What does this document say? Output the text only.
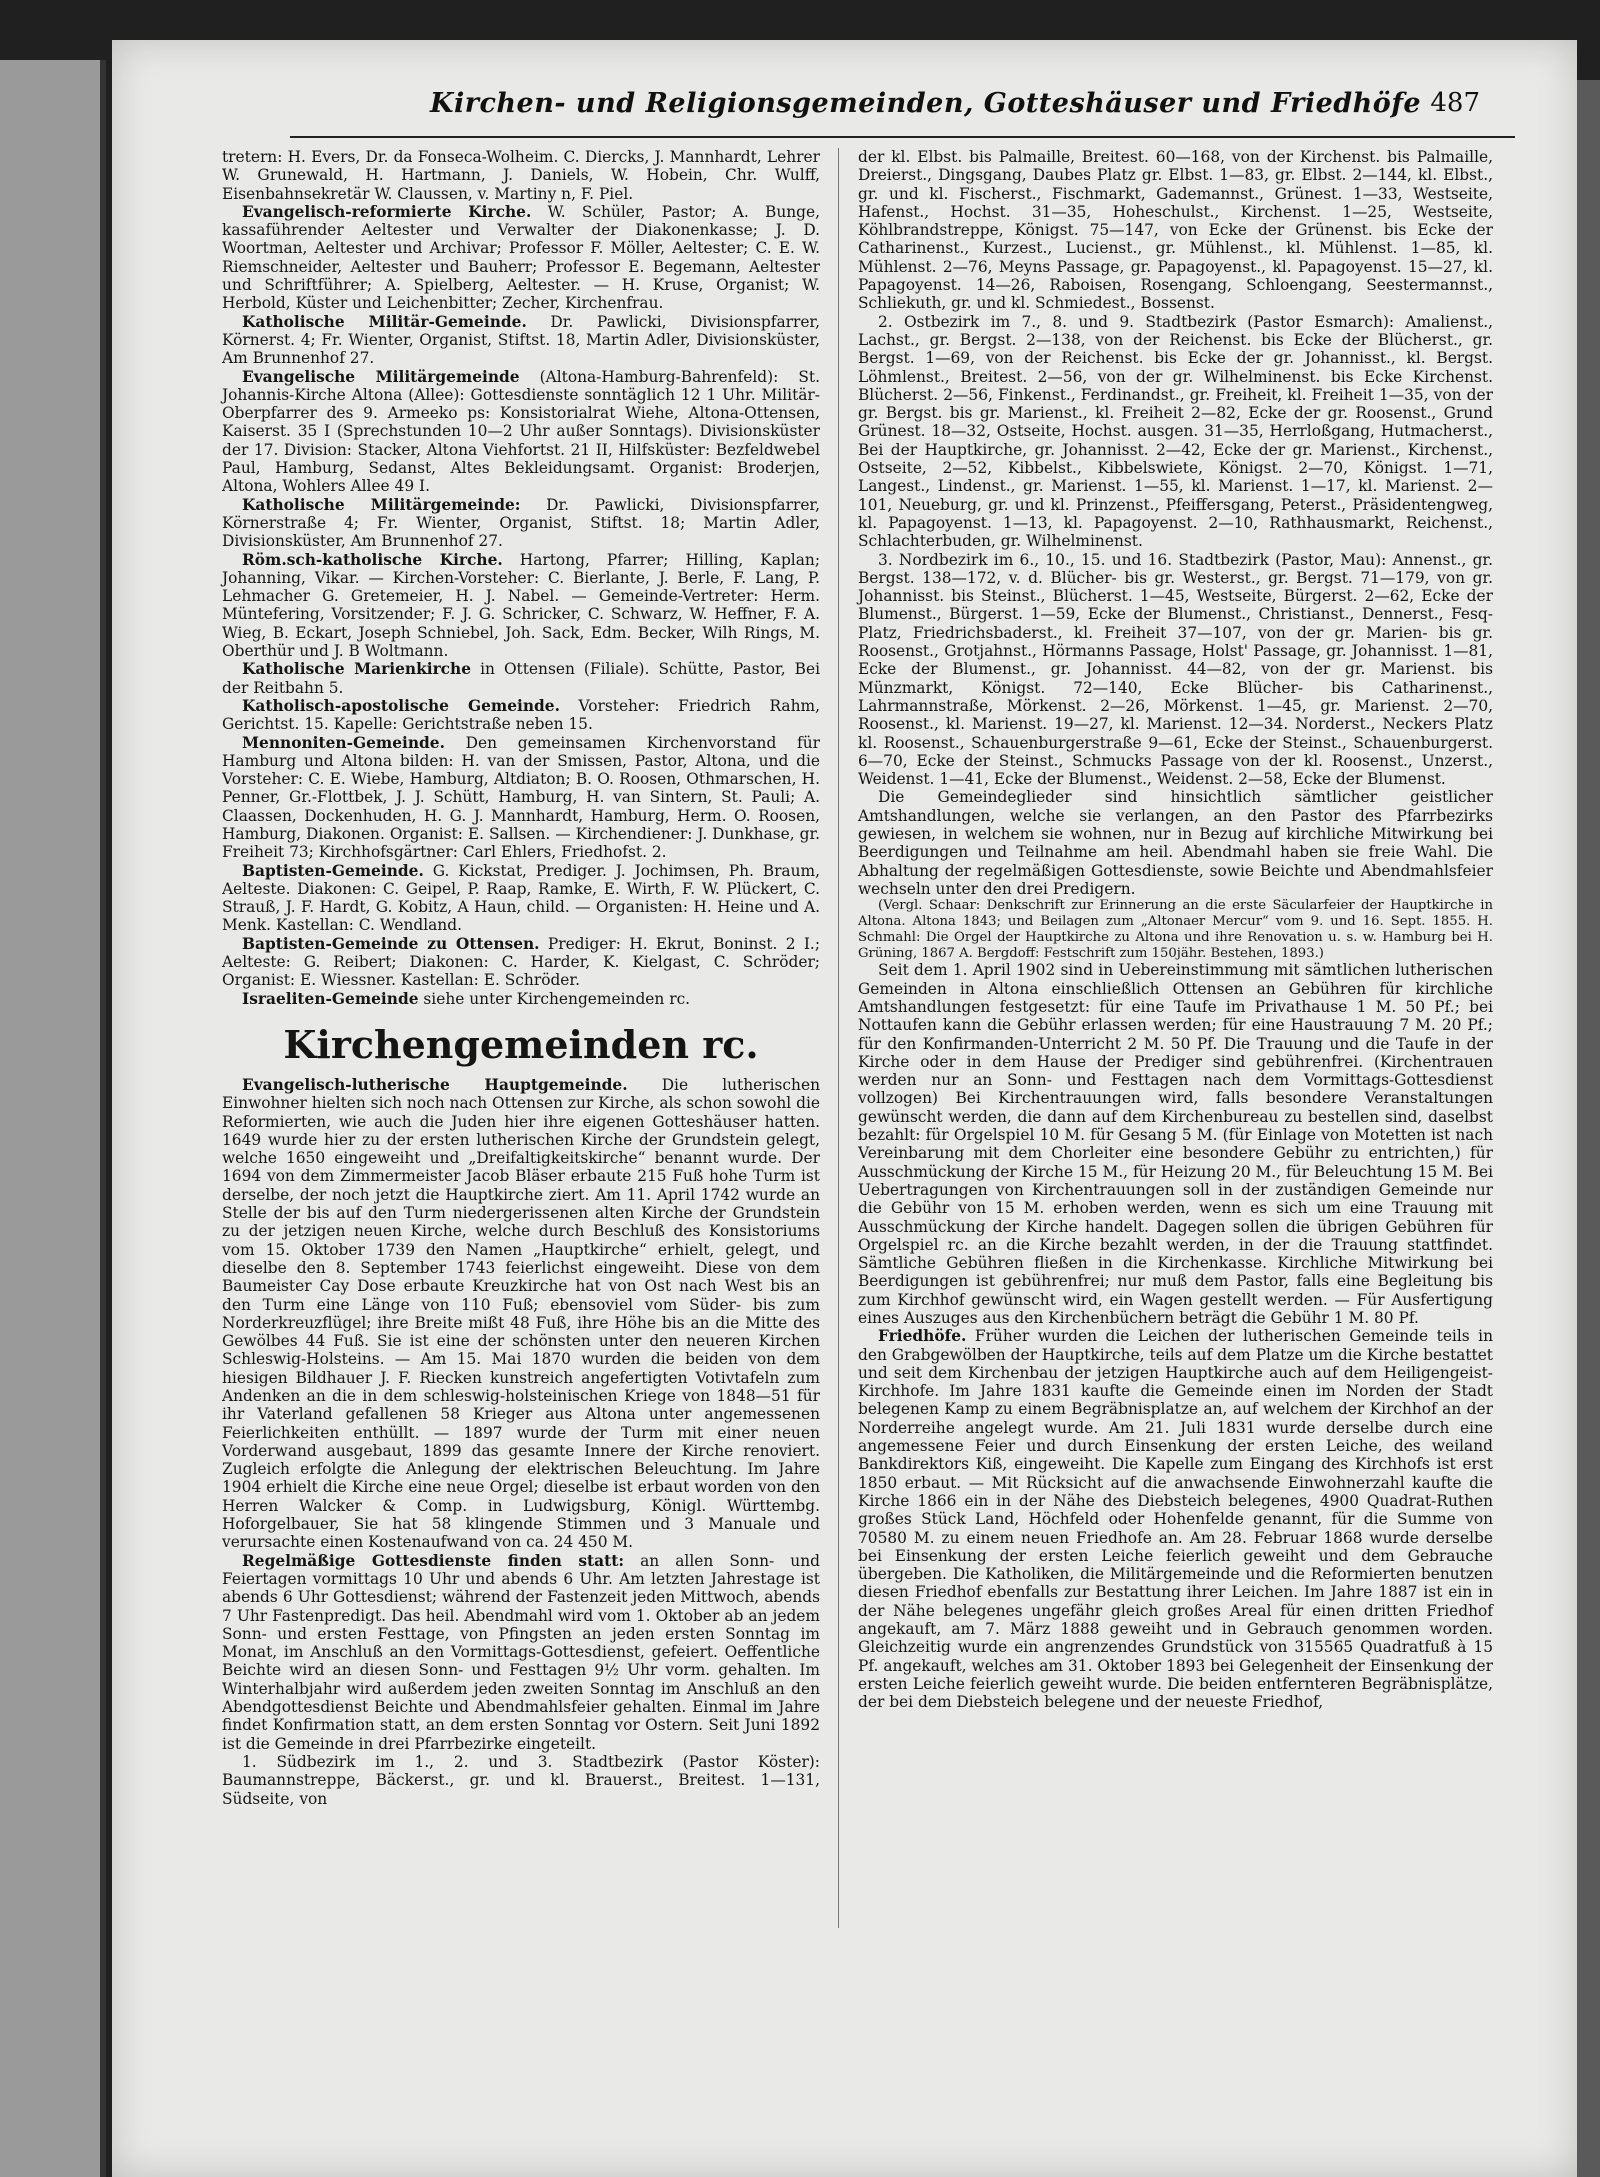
Kirchen- und Religionsgemeinden, Gotteshäuser und Friedhöfe 487
tretern: H. Evers, Dr. da Fonseca-Wolheim. C. Diercks, J. Mannhardt, Lehrer W. Grunewald, H. Hartmann, J. Daniels, W. Hobein, Chr. Wulff, Eisenbahnsekretär W. Claussen, v. Martiny n, F. Piel.
Evangelisch-reformierte Kirche. W. Schüler, Pastor; A. Bunge, kassaführender Aeltester und Verwalter der Diakonenkasse; J. D. Woortman, Aeltester und Archivar; Professor F. Möller, Aeltester; C. E. W. Riemschneider, Aeltester und Bauherr; Professor E. Begemann, Aeltester und Schriftführer; A. Spielberg, Aeltester. — H. Kruse, Organist; W. Herbold, Küster und Leichenbitter; Zecher, Kirchenfrau.
Katholische Militär-Gemeinde. Dr. Pawlicki, Divisionspfarrer, Körnerst. 4; Fr. Wienter, Organist, Stiftst. 18, Martin Adler, Divisionsküster, Am Brunnenhof 27.
Evangelische Militärgemeinde (Altona-Hamburg-Bahrenfeld): St. Johannis-Kirche Altona (Allee): Gottesdienste sonntäglich 12 1 Uhr. Militär-Oberpfarrer des 9. Armeeko ps: Konsistorialrat Wiehe, Altona-Ottensen, Kaiserst. 35 I (Sprechstunden 10—2 Uhr außer Sonntags). Divisionsküster der 17. Division: Stacker, Altona Viehfortst. 21 II, Hilfsküster: Bezfeldwebel Paul, Hamburg, Sedanst, Altes Bekleidungsamt. Organist: Broderjen, Altona, Wohlers Allee 49 I.
Katholische Militärgemeinde: Dr. Pawlicki, Divisionspfarrer, Körnerstraße 4; Fr. Wienter, Organist, Stiftst. 18; Martin Adler, Divisionsküster, Am Brunnenhof 27.
Röm.sch-katholische Kirche. Hartong, Pfarrer; Hilling, Kaplan; Johanning, Vikar. — Kirchen-Vorsteher: C. Bierlante, J. Berle, F. Lang, P. Lehmacher G. Gretemeier, H. J. Nabel. — Gemeinde-Vertreter: Herm. Müntefering, Vorsitzender; F. J. G. Schricker, C. Schwarz, W. Heffner, F. A. Wieg, B. Eckart, Joseph Schniebel, Joh. Sack, Edm. Becker, Wilh Rings, M. Oberthür und J. B Woltmann.
Katholische Marienkirche in Ottensen (Filiale). Schütte, Pastor, Bei der Reitbahn 5.
Katholisch-apostolische Gemeinde. Vorsteher: Friedrich Rahm, Gerichtst. 15. Kapelle: Gerichtstraße neben 15.
Mennoniten-Gemeinde. Den gemeinsamen Kirchenvorstand für Hamburg und Altona bilden: H. van der Smissen, Pastor, Altona, und die Vorsteher: C. E. Wiebe, Hamburg, Altdiaton; B. O. Roosen, Othmarschen, H. Penner, Gr.-Flottbek, J. J. Schütt, Hamburg, H. van Sintern, St. Pauli; A. Claassen, Dockenhuden, H. G. J. Mannhardt, Hamburg, Herm. O. Roosen, Hamburg, Diakonen. Organist: E. Sallsen. — Kirchendiener: J. Dunkhase, gr. Freiheit 73; Kirchhofsgärtner: Carl Ehlers, Friedhofst. 2.
Baptisten-Gemeinde. G. Kickstat, Prediger. J. Jochimsen, Ph. Braum, Aelteste. Diakonen: C. Geipel, P. Raap, Ramke, E. Wirth, F. W. Plückert, C. Strauß, J. F. Hardt, G. Kobitz, A Haun, child. — Organisten: H. Heine und A. Menk. Kastellan: C. Wendland.
Baptisten-Gemeinde zu Ottensen. Prediger: H. Ekrut, Boninst. 2 I.; Aelteste: G. Reibert; Diakonen: C. Harder, K. Kielgast, C. Schröder; Organist: E. Wiessner. Kastellan: E. Schröder.
Israeliten-Gemeinde siehe unter Kirchengemeinden rc.
Kirchengemeinden rc.
Evangelisch-lutherische Hauptgemeinde. Die lutherischen Einwohner hielten sich noch nach Ottensen zur Kirche, als schon sowohl die Reformierten, wie auch die Juden hier ihre eigenen Gotteshäuser hatten. 1649 wurde hier zu der ersten lutherischen Kirche der Grundstein gelegt, welche 1650 eingeweiht und „Dreifaltigkeitskirche“ benannt wurde. Der 1694 von dem Zimmermeister Jacob Bläser erbaute 215 Fuß hohe Turm ist derselbe, der noch jetzt die Hauptkirche ziert. Am 11. April 1742 wurde an Stelle der bis auf den Turm niedergerissenen alten Kirche der Grundstein zu der jetzigen neuen Kirche, welche durch Beschluß des Konsistoriums vom 15. Oktober 1739 den Namen „Hauptkirche“ erhielt, gelegt, und dieselbe den 8. September 1743 feierlichst eingeweiht. Diese von dem Baumeister Cay Dose erbaute Kreuzkirche hat von Ost nach West bis an den Turm eine Länge von 110 Fuß; ebensoviel vom Süder- bis zum Norderkreuzflügel; ihre Breite mißt 48 Fuß, ihre Höhe bis an die Mitte des Gewölbes 44 Fuß. Sie ist eine der schönsten unter den neueren Kirchen Schleswig-Holsteins. — Am 15. Mai 1870 wurden die beiden von dem hiesigen Bildhauer J. F. Riecken kunstreich angefertigten Votivtafeln zum Andenken an die in dem schleswig-holsteinischen Kriege von 1848—51 für ihr Vaterland gefallenen 58 Krieger aus Altona unter angemessenen Feierlichkeiten enthüllt. — 1897 wurde der Turm mit einer neuen Vorderwand ausgebaut, 1899 das gesamte Innere der Kirche renoviert. Zugleich erfolgte die Anlegung der elektrischen Beleuchtung. Im Jahre 1904 erhielt die Kirche eine neue Orgel; dieselbe ist erbaut worden von den Herren Walcker & Comp. in Ludwigsburg, Königl. Württembg. Hoforgelbauer, Sie hat 58 klingende Stimmen und 3 Manuale und verursachte einen Kostenaufwand von ca. 24 450 M.
Regelmäßige Gottesdienste finden statt: an allen Sonn- und Feiertagen vormittags 10 Uhr und abends 6 Uhr. Am letzten Jahrestage ist abends 6 Uhr Gottesdienst; während der Fastenzeit jeden Mittwoch, abends 7 Uhr Fastenpredigt. Das heil. Abendmahl wird vom 1. Oktober ab an jedem Sonn- und ersten Festtage, von Pfingsten an jeden ersten Sonntag im Monat, im Anschluß an den Vormittags-Gottesdienst, gefeiert. Oeffentliche Beichte wird an diesen Sonn- und Festtagen 9½ Uhr vorm. gehalten. Im Winterhalbjahr wird außerdem jeden zweiten Sonntag im Anschluß an den Abendgottesdienst Beichte und Abendmahlsfeier gehalten. Einmal im Jahre findet Konfirmation statt, an dem ersten Sonntag vor Ostern. Seit Juni 1892 ist die Gemeinde in drei Pfarrbezirke eingeteilt.
1. Südbezirk im 1., 2. und 3. Stadtbezirk (Pastor Köster): Baumannstreppe, Bäckerst., gr. und kl. Brauerst., Breitest. 1—131, Südseite, von
der kl. Elbst. bis Palmaille, Breitest. 60—168, von der Kirchenst. bis Palmaille, Dreierst., Dingsgang, Daubes Platz gr. Elbst. 1—83, gr. Elbst. 2—144, kl. Elbst., gr. und kl. Fischerst., Fischmarkt, Gademannst., Grünest. 1—33, Westseite, Hafenst., Hochst. 31—35, Hoheschulst., Kirchenst. 1—25, Westseite, Köhlbrandstreppe, Königst. 75—147, von Ecke der Grünenst. bis Ecke der Catharinenst., Kurzest., Lucienst., gr. Mühlenst., kl. Mühlenst. 1—85, kl. Mühlenst. 2—76, Meyns Passage, gr. Papagoyenst., kl. Papagoyenst. 15—27, kl. Papagoyenst. 14—26, Raboisen, Rosengang, Schloengang, Seestermannst., Schliekuth, gr. und kl. Schmiedest., Bossenst.
2. Ostbezirk im 7., 8. und 9. Stadtbezirk (Pastor Esmarch): Amalienst., Lachst., gr. Bergst. 2—138, von der Reichenst. bis Ecke der Blücherst., gr. Bergst. 1—69, von der Reichenst. bis Ecke der gr. Johannisst., kl. Bergst. Löhmlenst., Breitest. 2—56, von der gr. Wilhelminenst. bis Ecke Kirchenst. Blücherst. 2—56, Finkenst., Ferdinandst., gr. Freiheit, kl. Freiheit 1—35, von der gr. Bergst. bis gr. Marienst., kl. Freiheit 2—82, Ecke der gr. Roosenst., Grund Grünest. 18—32, Ostseite, Hochst. ausgen. 31—35, Herrloßgang, Hutmacherst., Bei der Hauptkirche, gr. Johannisst. 2—42, Ecke der gr. Marienst., Kirchenst., Ostseite, 2—52, Kibbelst., Kibbelswiete, Königst. 2—70, Königst. 1—71, Langest., Lindenst., gr. Marienst. 1—55, kl. Marienst. 1—17, kl. Marienst. 2—101, Neueburg, gr. und kl. Prinzenst., Pfeiffersgang, Peterst., Präsidentengweg, kl. Papagoyenst. 1—13, kl. Papagoyenst. 2—10, Rathhausmarkt, Reichenst., Schlachterbuden, gr. Wilhelminenst.
3. Nordbezirk im 6., 10., 15. und 16. Stadtbezirk (Pastor, Mau): Annenst., gr. Bergst. 138—172, v. d. Blücher- bis gr. Westerst., gr. Bergst. 71—179, von gr. Johannisst. bis Steinst., Blücherst. 1—45, Westseite, Bürgerst. 2—62, Ecke der Blumenst., Bürgerst. 1—59, Ecke der Blumenst., Christianst., Dennerst., Fesq-Platz, Friedrichsbaderst., kl. Freiheit 37—107, von der gr. Marien- bis gr. Roosenst., Grotjahnst., Hörmanns Passage, Holst' Passage, gr. Johannisst. 1—81, Ecke der Blumenst., gr. Johannisst. 44—82, von der gr. Marienst. bis Münzmarkt, Königst. 72—140, Ecke Blücher- bis Catharinenst., Lahrmannstraße, Mörkenst. 2—26, Mörkenst. 1—45, gr. Marienst. 2—70, Roosenst., kl. Marienst. 19—27, kl. Marienst. 12—34. Norderst., Neckers Platz kl. Roosenst., Schauenburgerstraße 9—61, Ecke der Steinst., Schauenburgerst. 6—70, Ecke der Steinst., Schmucks Passage von der kl. Roosenst., Unzerst., Weidenst. 1—41, Ecke der Blumenst., Weidenst. 2—58, Ecke der Blumenst.
Die Gemeindeglieder sind hinsichtlich sämtlicher geistlicher Amtshandlungen, welche sie verlangen, an den Pastor des Pfarrbezirks gewiesen, in welchem sie wohnen, nur in Bezug auf kirchliche Mitwirkung bei Beerdigungen und Teilnahme am heil. Abendmahl haben sie freie Wahl. Die Abhaltung der regelmäßigen Gottesdienste, sowie Beichte und Abendmahlsfeier wechseln unter den drei Predigern.
(Vergl. Schaar: Denkschrift zur Erinnerung an die erste Säcularfeier der Hauptkirche in Altona. Altona 1843; und Beilagen zum „Altonaer Mercur“ vom 9. und 16. Sept. 1855. H. Schmahl: Die Orgel der Hauptkirche zu Altona und ihre Renovation u. s. w. Hamburg bei H. Grüning, 1867 A. Bergdoff: Festschrift zum 150jähr. Bestehen, 1893.)
Seit dem 1. April 1902 sind in Uebereinstimmung mit sämtlichen lutherischen Gemeinden in Altona einschließlich Ottensen an Gebühren für kirchliche Amtshandlungen festgesetzt: für eine Taufe im Privathause 1 M. 50 Pf.; bei Nottaufen kann die Gebühr erlassen werden; für eine Haustrauung 7 M. 20 Pf.; für den Konfirmanden-Unterricht 2 M. 50 Pf. Die Trauung und die Taufe in der Kirche oder in dem Hause der Prediger sind gebührenfrei. (Kirchentrauen werden nur an Sonn- und Festtagen nach dem Vormittags-Gottesdienst vollzogen) Bei Kirchentrauungen wird, falls besondere Veranstaltungen gewünscht werden, die dann auf dem Kirchenbureau zu bestellen sind, daselbst bezahlt: für Orgelspiel 10 M. für Gesang 5 M. (für Einlage von Motetten ist nach Vereinbarung mit dem Chorleiter eine besondere Gebühr zu entrichten,) für Ausschmückung der Kirche 15 M., für Heizung 20 M., für Beleuchtung 15 M. Bei Uebertragungen von Kirchentrauungen soll in der zuständigen Gemeinde nur die Gebühr von 15 M. erhoben werden, wenn es sich um eine Trauung mit Ausschmückung der Kirche handelt. Dagegen sollen die übrigen Gebühren für Orgelspiel rc. an die Kirche bezahlt werden, in der die Trauung stattfindet. Sämtliche Gebühren fließen in die Kirchenkasse. Kirchliche Mitwirkung bei Beerdigungen ist gebührenfrei; nur muß dem Pastor, falls eine Begleitung bis zum Kirchhof gewünscht wird, ein Wagen gestellt werden. — Für Ausfertigung eines Auszuges aus den Kirchenbüchern beträgt die Gebühr 1 M. 80 Pf.
Friedhöfe. Früher wurden die Leichen der lutherischen Gemeinde teils in den Grabgewölben der Hauptkirche, teils auf dem Platze um die Kirche bestattet und seit dem Kirchenbau der jetzigen Hauptkirche auch auf dem Heiligengeist-Kirchhofe. Im Jahre 1831 kaufte die Gemeinde einen im Norden der Stadt belegenen Kamp zu einem Begräbnisplatze an, auf welchem der Kirchhof an der Norderreihe angelegt wurde. Am 21. Juli 1831 wurde derselbe durch eine angemessene Feier und durch Einsenkung der ersten Leiche, des weiland Bankdirektors Kiß, eingeweiht. Die Kapelle zum Eingang des Kirchhofs ist erst 1850 erbaut. — Mit Rücksicht auf die anwachsende Einwohnerzahl kaufte die Kirche 1866 ein in der Nähe des Diebsteich belegenes, 4900 Quadrat-Ruthen großes Stück Land, Höchfeld oder Hohenfelde genannt, für die Summe von 70580 M. zu einem neuen Friedhofe an. Am 28. Februar 1868 wurde derselbe bei Einsenkung der ersten Leiche feierlich geweiht und dem Gebrauche übergeben. Die Katholiken, die Militärgemeinde und die Reformierten benutzen diesen Friedhof ebenfalls zur Bestattung ihrer Leichen. Im Jahre 1887 ist ein in der Nähe belegenes ungefähr gleich großes Areal für einen dritten Friedhof angekauft, am 7. März 1888 geweiht und in Gebrauch genommen worden. Gleichzeitig wurde ein angrenzendes Grundstück von 315565 Quadratfuß à 15 Pf. angekauft, welches am 31. Oktober 1893 bei Gelegenheit der Einsenkung der ersten Leiche feierlich geweiht wurde. Die beiden entfernteren Begräbnisplätze, der bei dem Diebsteich belegene und der neueste Friedhof,
